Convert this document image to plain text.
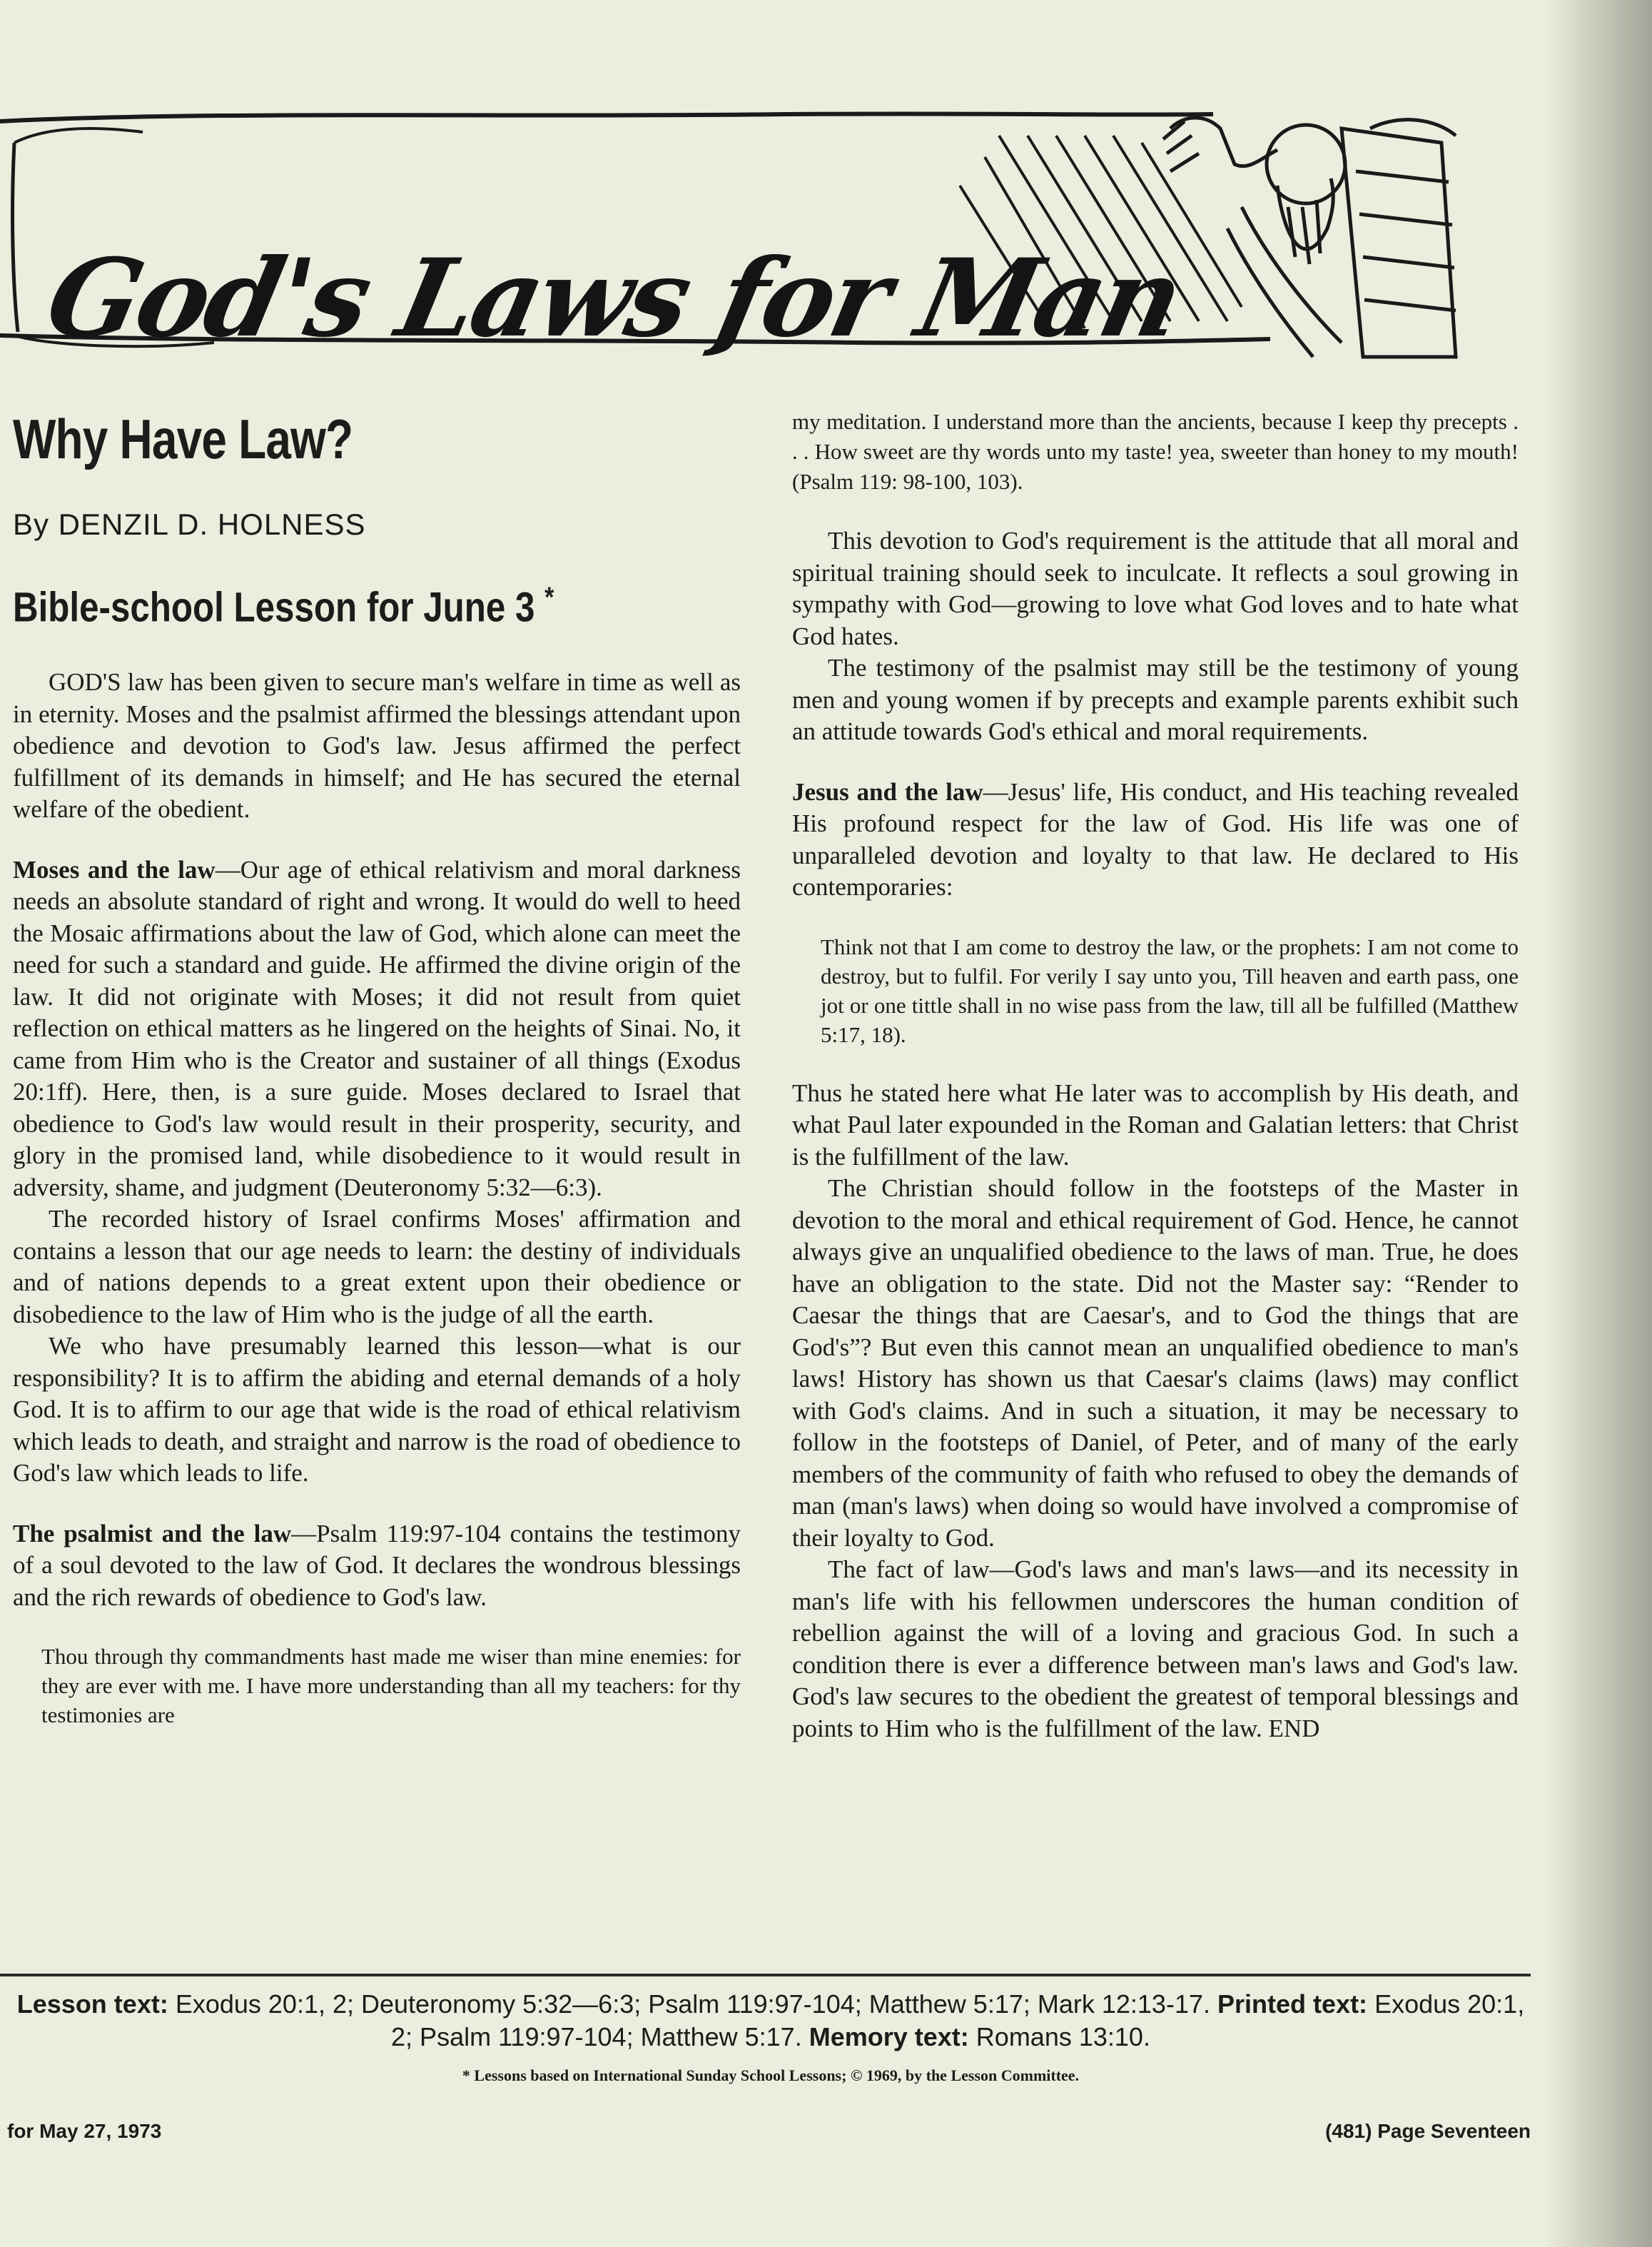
God's Laws for Man
Why Have Law?
By DENZIL D. HOLNESS
Bible-school Lesson for June 3 *

GOD'S law has been given to secure man's welfare in time as well as in eternity. Moses and the psalmist affirmed the blessings attendant upon obedience and devotion to God's law. Jesus affirmed the perfect fulfillment of its demands in himself; and He has secured the eternal welfare of the obedient.

Moses and the law—Our age of ethical relativism and moral darkness needs an absolute standard of right and wrong. It would do well to heed the Mosaic affirmations about the law of God, which alone can meet the need for such a standard and guide. He affirmed the divine origin of the law. It did not originate with Moses; it did not result from quiet reflection on ethical matters as he lingered on the heights of Sinai. No, it came from Him who is the Creator and sustainer of all things (Exodus 20:1ff). Here, then, is a sure guide. Moses declared to Israel that obedience to God's law would result in their prosperity, security, and glory in the promised land, while disobedience to it would result in adversity, shame, and judgment (Deuteronomy 5:32—6:3).

The recorded history of Israel confirms Moses' affirmation and contains a lesson that our age needs to learn: the destiny of individuals and of nations depends to a great extent upon their obedience or disobedience to the law of Him who is the judge of all the earth.

We who have presumably learned this lesson—what is our responsibility? It is to affirm the abiding and eternal demands of a holy God. It is to affirm to our age that wide is the road of ethical relativism which leads to death, and straight and narrow is the road of obedience to God's law which leads to life.

The psalmist and the law—Psalm 119:97-104 contains the testimony of a soul devoted to the law of God. It declares the wondrous blessings and the rich rewards of obedience to God's law.

Thou through thy commandments hast made me wiser than mine enemies: for they are ever with me. I have more understanding than all my teachers: for thy testimonies are
my meditation. I understand more than the ancients, because I keep thy precepts . . . How sweet are thy words unto my taste! yea, sweeter than honey to my mouth! (Psalm 119: 98-100, 103).

This devotion to God's requirement is the attitude that all moral and spiritual training should seek to inculcate. It reflects a soul growing in sympathy with God—growing to love what God loves and to hate what God hates.

The testimony of the psalmist may still be the testimony of young men and young women if by precepts and example parents exhibit such an attitude towards God's ethical and moral requirements.

Jesus and the law—Jesus' life, His conduct, and His teaching revealed His profound respect for the law of God. His life was one of unparalleled devotion and loyalty to that law. He declared to His contemporaries:

Think not that I am come to destroy the law, or the prophets: I am not come to destroy, but to fulfil. For verily I say unto you, Till heaven and earth pass, one jot or one tittle shall in no wise pass from the law, till all be fulfilled (Matthew 5:17, 18).

Thus he stated here what He later was to accomplish by His death, and what Paul later expounded in the Roman and Galatian letters: that Christ is the fulfillment of the law.

The Christian should follow in the footsteps of the Master in devotion to the moral and ethical requirement of God. Hence, he cannot always give an unqualified obedience to the laws of man. True, he does have an obligation to the state. Did not the Master say: “Render to Caesar the things that are Caesar's, and to God the things that are God's”? But even this cannot mean an unqualified obedience to man's laws! History has shown us that Caesar's claims (laws) may conflict with God's claims. And in such a situation, it may be necessary to follow in the footsteps of Daniel, of Peter, and of many of the early members of the community of faith who refused to obey the demands of man (man's laws) when doing so would have involved a compromise of their loyalty to God.

The fact of law—God's laws and man's laws—and its necessity in man's life with his fellowmen underscores the human condition of rebellion against the will of a loving and gracious God. In such a condition there is ever a difference between man's laws and God's law. God's law secures to the obedient the greatest of temporal blessings and points to Him who is the fulfillment of the law. END

Lesson text: Exodus 20:1, 2; Deuteronomy 5:32—6:3; Psalm 119:97-104; Matthew 5:17; Mark 12:13-17. Printed text: Exodus 20:1, 2; Psalm 119:97-104; Matthew 5:17. Memory text: Romans 13:10.
* Lessons based on International Sunday School Lessons; © 1969, by the Lesson Committee.
for May 27, 1973	(481) Page Seventeen
